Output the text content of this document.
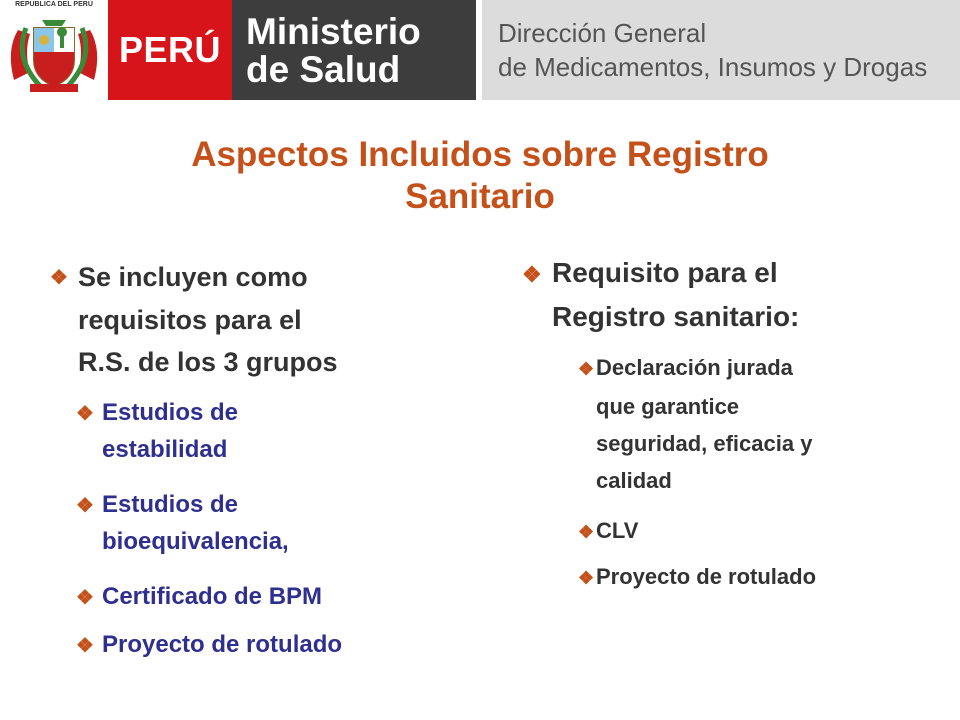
REPÚBLICA DEL PERÚ
PERÚ Ministerio
de Salud
Dirección General
de Medicamentos, Insumos y Drogas
Aspectos Incluidos sobre Registro
Sanitario
❖ Se incluyen como
requisitos para el
R.S. de los 3 grupos
❖ Estudios de
estabilidad
❖ Estudios de
bioequivalencia,
❖ Certificado de BPM
❖ Proyecto de rotulado
❖ Requisito para el
Registro sanitario:
❖Declaración jurada
que garantice
seguridad, eficacia y
calidad
❖CLV
❖Proyecto de rotulado
